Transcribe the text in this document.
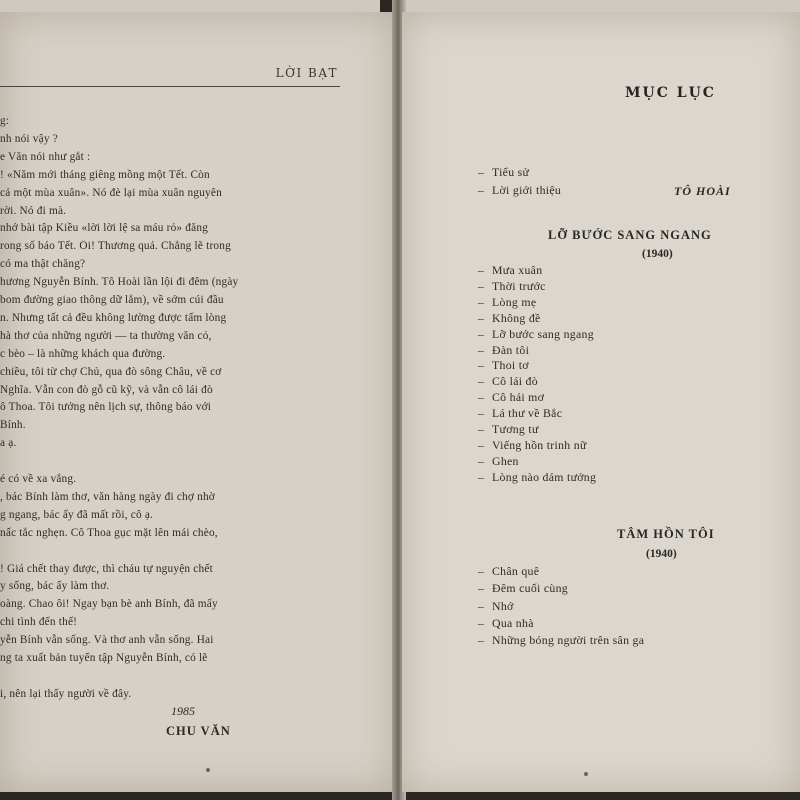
LỜI BẠT
g:
nh nói vậy ?
e Văn nói như gắt :
! «Năm mới tháng giêng mồng một Tết. Còn
cả một mùa xuân». Nó đè lại mùa xuân nguyên
rời. Nó đi mà.
nhớ bài tập Kiều «lời lời lệ sa máu rỏ» đăng
rong số báo Tết. Ôi! Thương quá. Chẳng lẽ trong
có ma thật chăng?
hương Nguyễn Bính. Tô Hoài lần lội đi đêm (ngày
bom đường giao thông dữ lắm), về sớm cúi đầu
n. Nhưng tất cả đều không lường được tấm lòng
hà thơ của những người — ta thường văn cỏ,
c bèo – là những khách qua đường.
chiều, tôi từ chợ Chủ, qua đò sông Châu, về cơ
Nghĩa. Vẫn con đò gỗ cũ kỹ, và vẫn cô lái đò
ô Thoa. Tôi tưởng nên lịch sự, thông báo với
Bính.
a ạ.
é có về xa vắng.
, bác Bính làm thơ, văn hàng ngày đi chợ nhờ
g ngang, bác ấy đã mất rồi, cô ạ.
nấc tắc nghẹn. Cô Thoa gục mặt lên mái chèo,
! Giá chết thay được, thì cháu tự nguyện chết
y sống, bác ấy làm thơ.
oàng. Chao ôi! Ngay bạn bè anh Bính, đã mấy
chi tình đến thế!
yễn Bính vẫn sống. Và thơ anh vẫn sống. Hai
ng ta xuất bản tuyển tập Nguyễn Bính, có lẽ
i, nên lại thấy người về đây.
1985
CHU VĂN
MỤC LỤC
– Tiểu sử
– Lời giới thiệu	TÔ HOÀI
LỠ BƯỚC SANG NGANG
(1940)
– Mưa xuân
– Thời trước
– Lòng mẹ
– Không đề
– Lỡ bước sang ngang
– Đàn tôi
– Thoi tơ
– Cô lái đò
– Cô hái mơ
– Lá thư về Bắc
– Tương tư
– Viếng hồn trinh nữ
– Ghen
– Lòng nào dám tưởng
TÂM HỒN TÔI
(1940)
– Chân quê
– Đêm cuối cùng
– Nhớ
– Qua nhà
– Những bóng người trên sân ga
